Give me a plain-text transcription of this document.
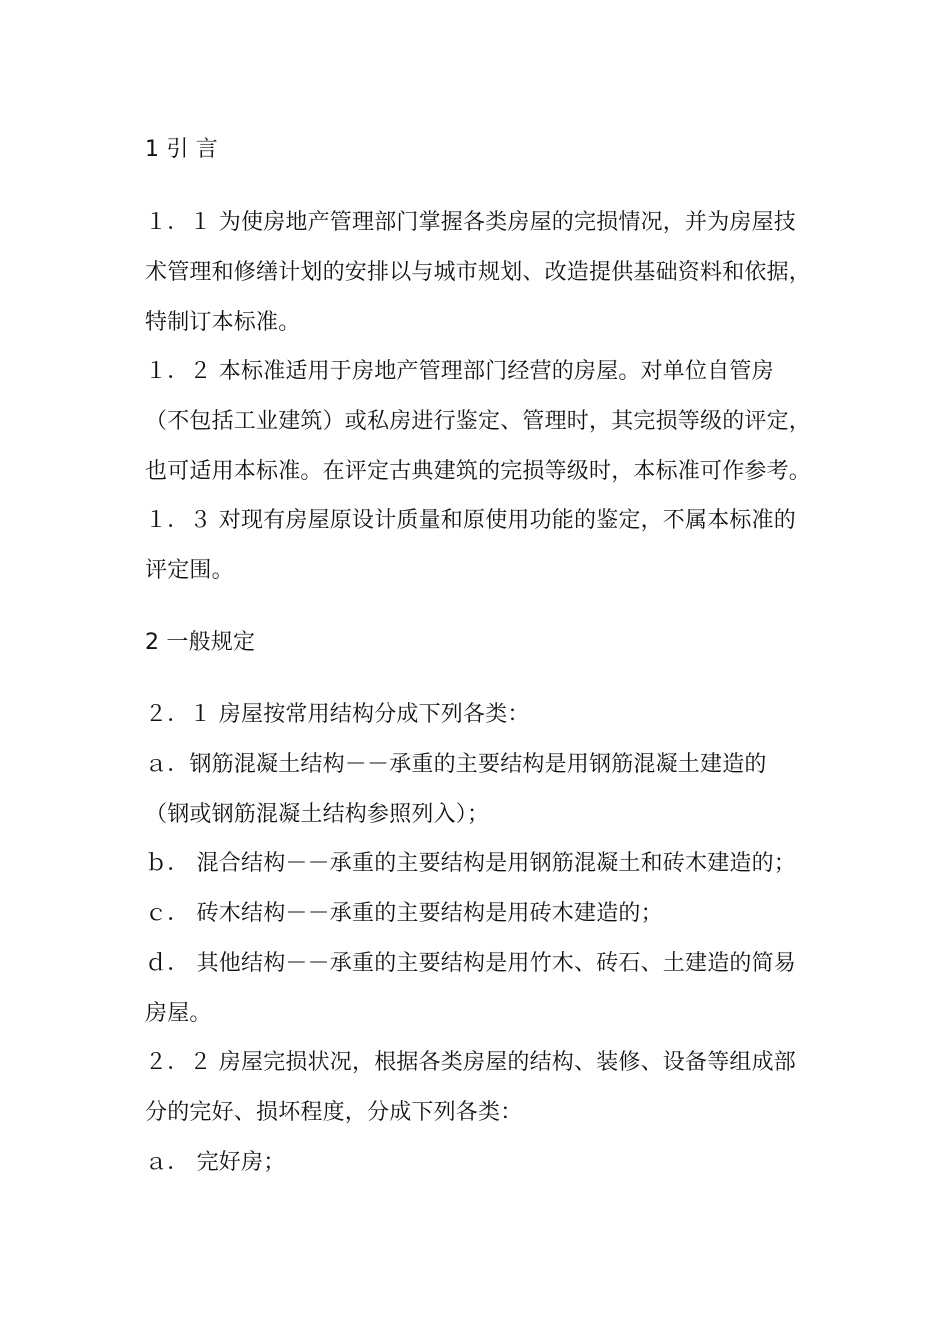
1 引 言
１．１ 为使房地产管理部门掌握各类房屋的完损情况，并为房屋技
术管理和修缮计划的安排以与城市规划、改造提供基础资料和依据，
特制订本标准。
１．２ 本标准适用于房地产管理部门经营的房屋。对单位自管房
（不包括工业建筑）或私房进行鉴定、管理时，其完损等级的评定，
也可适用本标准。在评定古典建筑的完损等级时，本标准可作参考。
１．３ 对现有房屋原设计质量和原使用功能的鉴定，不属本标准的
评定围。
2 一般规定
２．１ 房屋按常用结构分成下列各类：
ａ．钢筋混凝土结构－－承重的主要结构是用钢筋混凝土建造的
（钢或钢筋混凝土结构参照列入）；
ｂ． 混合结构－－承重的主要结构是用钢筋混凝土和砖木建造的；
ｃ． 砖木结构－－承重的主要结构是用砖木建造的；
ｄ． 其他结构－－承重的主要结构是用竹木、砖石、土建造的简易
房屋。
２．２ 房屋完损状况，根据各类房屋的结构、装修、设备等组成部
分的完好、损坏程度，分成下列各类：
ａ． 完好房；
